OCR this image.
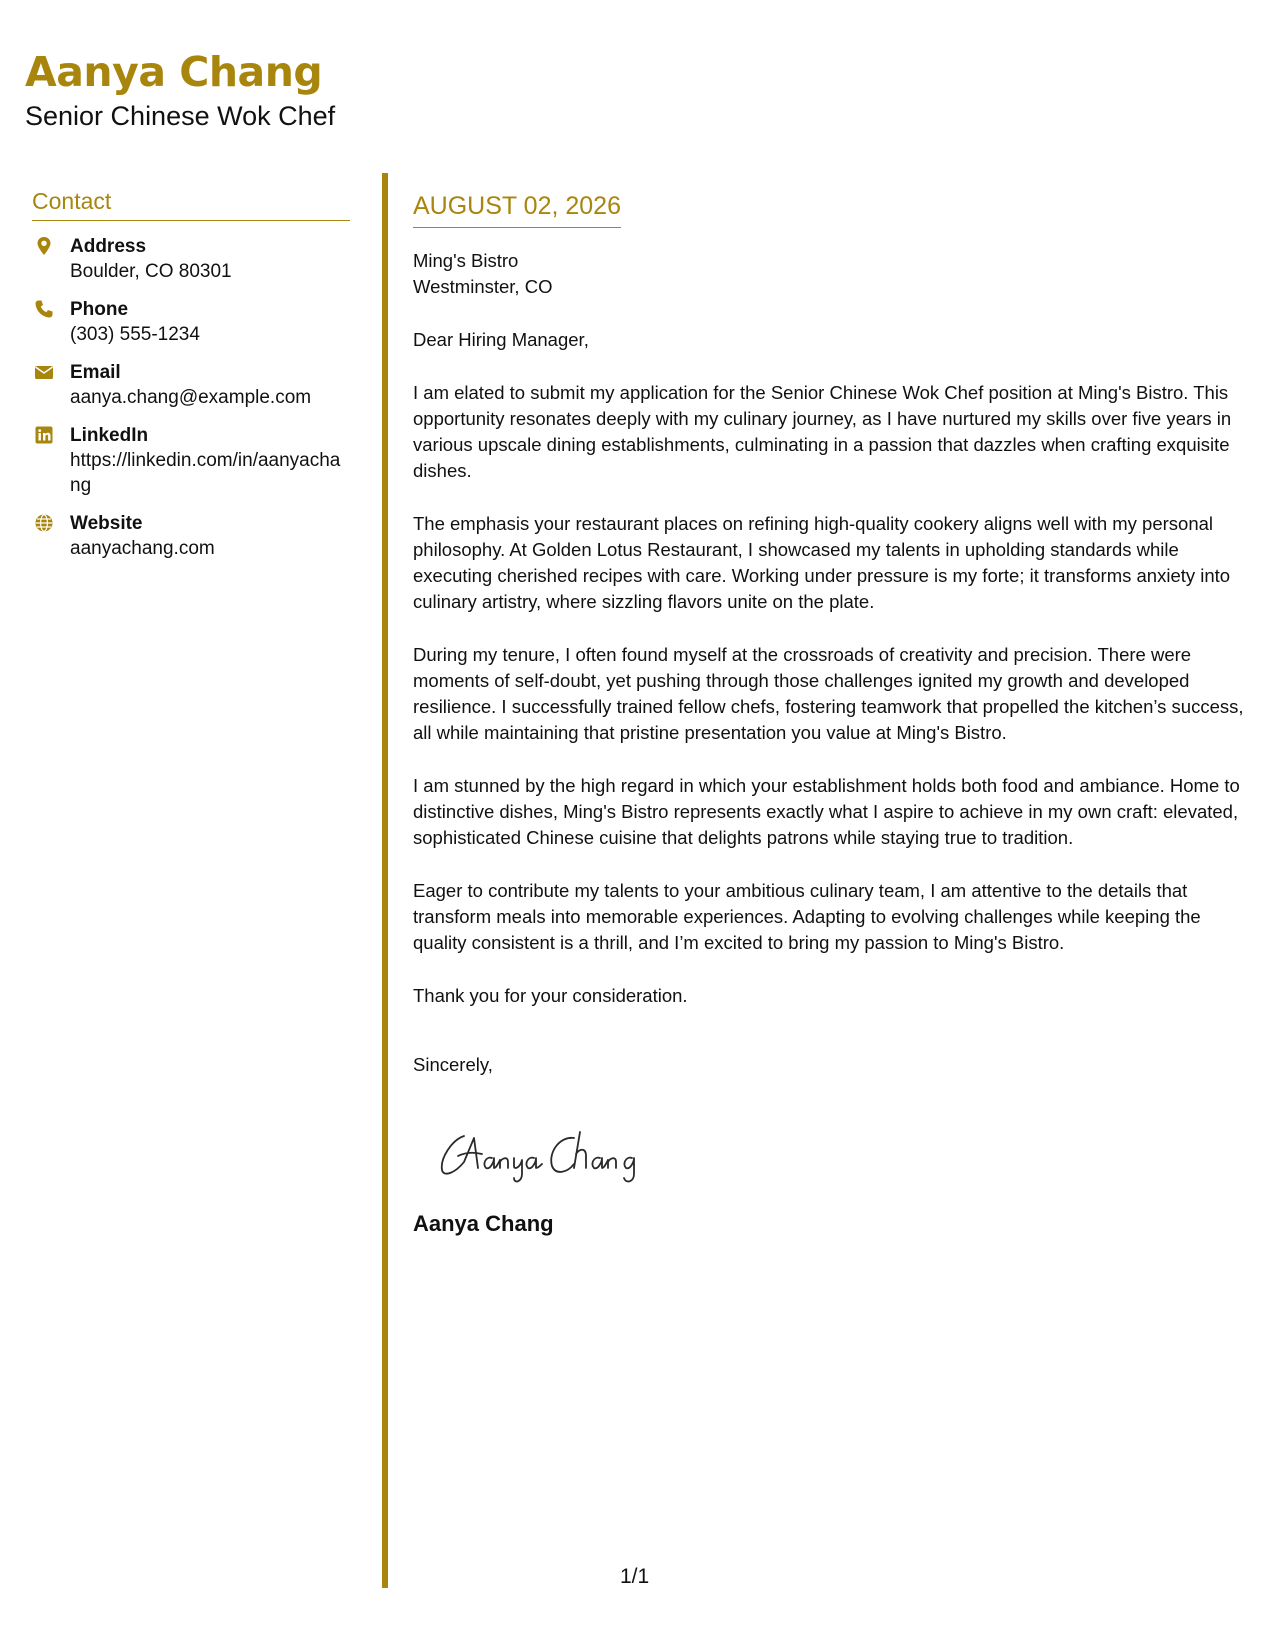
Aanya Chang
Senior Chinese Wok Chef
Contact
Address
Boulder, CO 80301
Phone
(303) 555-1234
Email
aanya.chang@example.com
LinkedIn
https://linkedin.com/in/aanyachang
Website
aanyachang.com
AUGUST 02, 2026
Ming's Bistro
Westminster, CO
Dear Hiring Manager,
I am elated to submit my application for the Senior Chinese Wok Chef position at Ming's Bistro. This opportunity resonates deeply with my culinary journey, as I have nurtured my skills over five years in various upscale dining establishments, culminating in a passion that dazzles when crafting exquisite dishes.
The emphasis your restaurant places on refining high-quality cookery aligns well with my personal philosophy. At Golden Lotus Restaurant, I showcased my talents in upholding standards while executing cherished recipes with care. Working under pressure is my forte; it transforms anxiety into culinary artistry, where sizzling flavors unite on the plate.
During my tenure, I often found myself at the crossroads of creativity and precision. There were moments of self-doubt, yet pushing through those challenges ignited my growth and developed resilience. I successfully trained fellow chefs, fostering teamwork that propelled the kitchen’s success, all while maintaining that pristine presentation you value at Ming's Bistro.
I am stunned by the high regard in which your establishment holds both food and ambiance. Home to distinctive dishes, Ming's Bistro represents exactly what I aspire to achieve in my own craft: elevated, sophisticated Chinese cuisine that delights patrons while staying true to tradition.
Eager to contribute my talents to your ambitious culinary team, I am attentive to the details that transform meals into memorable experiences. Adapting to evolving challenges while keeping the quality consistent is a thrill, and I’m excited to bring my passion to Ming's Bistro.
Thank you for your consideration.
Sincerely,
Aanya Chang
1/1
